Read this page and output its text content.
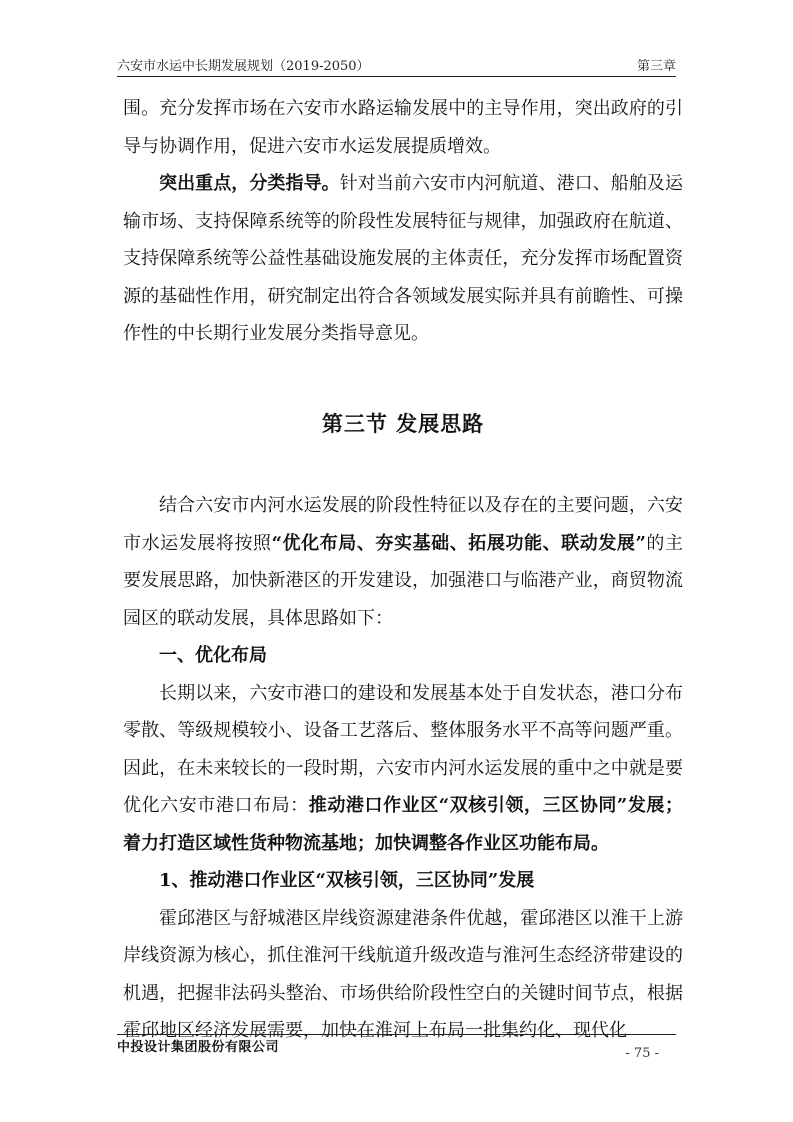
六安市水运中长期发展规划（2019-2050）	第三章

围。充分发挥市场在六安市水路运输发展中的主导作用，突出政府的引导与协调作用，促进六安市水运发展提质增效。

突出重点，分类指导。针对当前六安市内河航道、港口、船舶及运输市场、支持保障系统等的阶段性发展特征与规律，加强政府在航道、支持保障系统等公益性基础设施发展的主体责任，充分发挥市场配置资源的基础性作用，研究制定出符合各领域发展实际并具有前瞻性、可操作性的中长期行业发展分类指导意见。

第三节 发展思路

结合六安市内河水运发展的阶段性特征以及存在的主要问题，六安市水运发展将按照“优化布局、夯实基础、拓展功能、联动发展”的主要发展思路，加快新港区的开发建设，加强港口与临港产业，商贸物流园区的联动发展，具体思路如下：

一、优化布局

长期以来，六安市港口的建设和发展基本处于自发状态，港口分布零散、等级规模较小、设备工艺落后、整体服务水平不高等问题严重。因此，在未来较长的一段时期，六安市内河水运发展的重中之中就是要优化六安市港口布局：推动港口作业区“双核引领，三区协同”发展；着力打造区域性货种物流基地；加快调整各作业区功能布局。

1、推动港口作业区“双核引领，三区协同”发展

霍邱港区与舒城港区岸线资源建港条件优越，霍邱港区以淮干上游岸线资源为核心，抓住淮河干线航道升级改造与淮河生态经济带建设的机遇，把握非法码头整治、市场供给阶段性空白的关键时间节点，根据霍邱地区经济发展需要，加快在淮河上布局一批集约化、现代化

中投设计集团股份有限公司	- 75 -
